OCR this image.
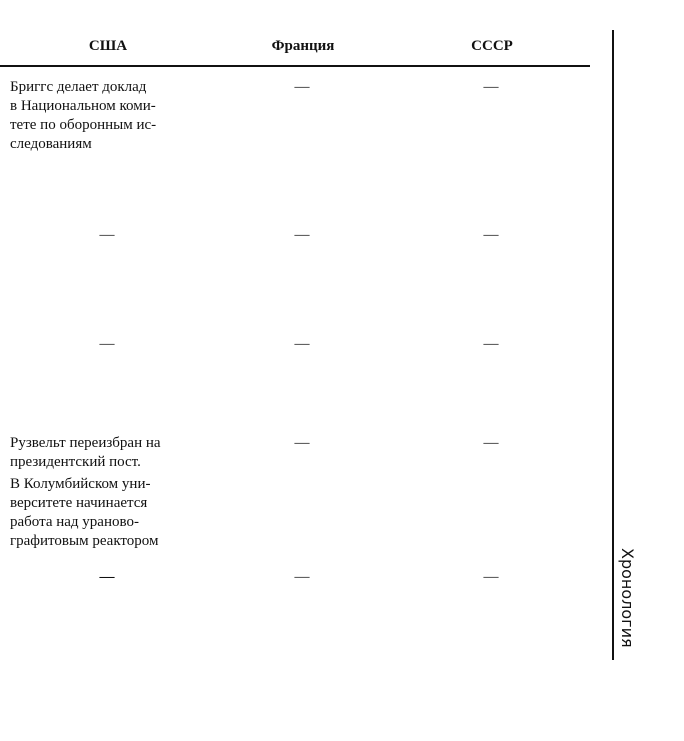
США	Франция	СССР
Хронология
Бриггс делает доклад
в Национальном коми-
тете по оборонным ис-
следованиям
—	—
—	—	—
—	—	—
Рузвельт переизбран на
президентский пост.
В Колумбийском уни-
верситете начинается
работа над ураново-
графитовым реактором
—	—
—	—	—
